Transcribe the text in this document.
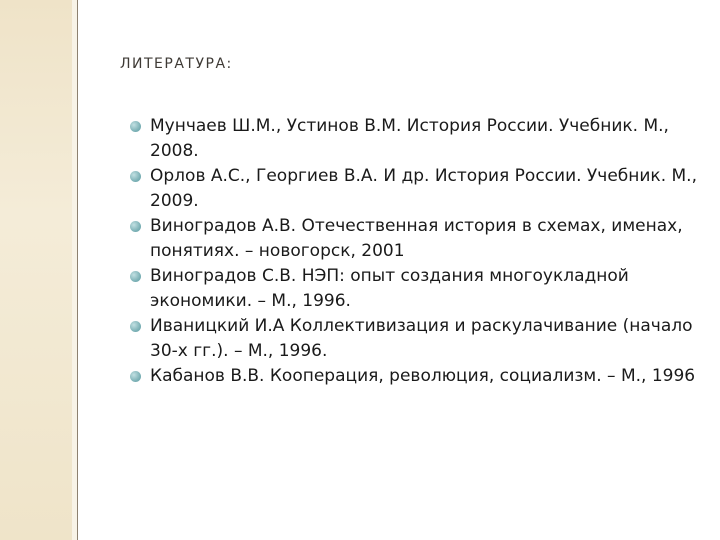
ЛИТЕРАТУРА:
Мунчаев Ш.М., Устинов В.М. История России. Учебник. М., 2008.
Орлов А.С., Георгиев В.А. И др. История России. Учебник. М., 2009.
Виноградов А.В. Отечественная история в схемах, именах, понятиях. – новогорск, 2001
Виноградов С.В. НЭП: опыт создания многоукладной экономики. – М., 1996.
Иваницкий И.А Коллективизация и раскулачивание (начало 30-х гг.). – М., 1996.
Кабанов В.В. Кооперация, революция, социализм. – М., 1996
